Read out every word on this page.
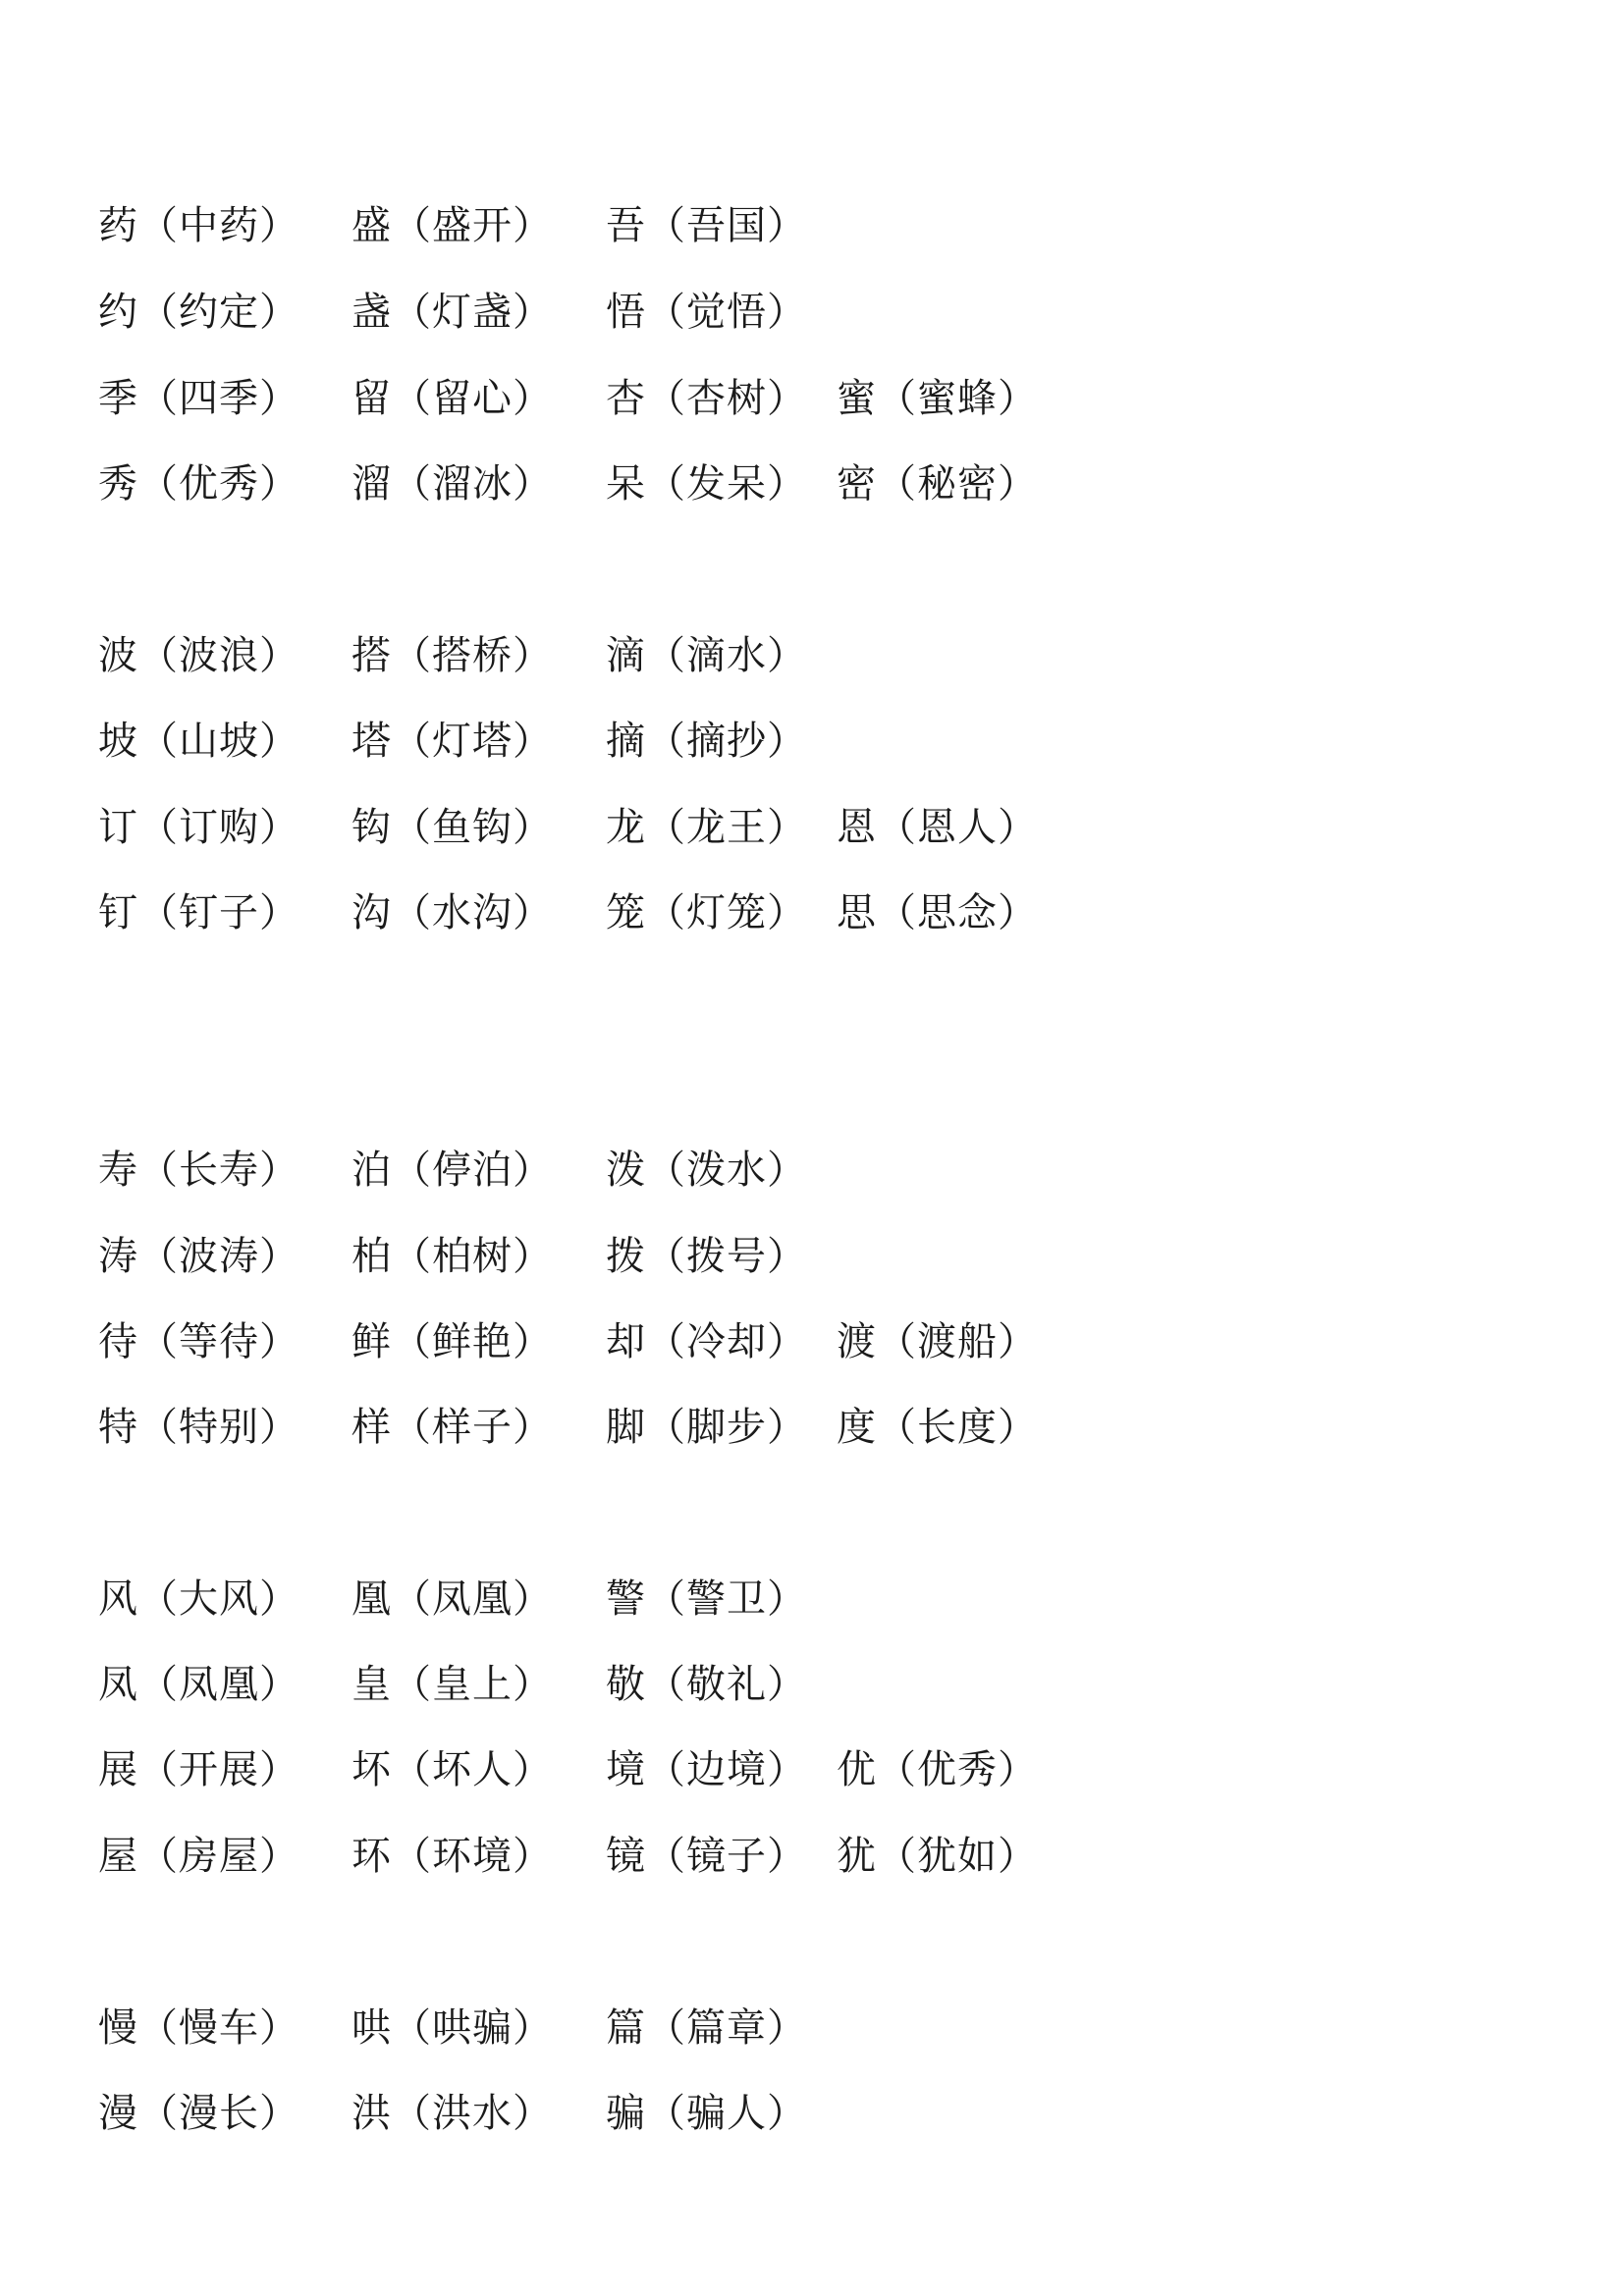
药（中药） 盛（盛开） 吾（吾国）
约（约定） 盏（灯盏） 悟（觉悟）
季（四季） 留（留心） 杏（杏树） 蜜（蜜蜂）
秀（优秀） 溜（溜冰） 呆（发呆） 密（秘密）
波（波浪） 搭（搭桥） 滴（滴水）
坡（山坡） 塔（灯塔） 摘（摘抄）
订（订购） 钩（鱼钩） 龙（龙王） 恩（恩人）
钉（钉子） 沟（水沟） 笼（灯笼） 思（思念）
寿（长寿） 泊（停泊） 泼（泼水）
涛（波涛） 柏（柏树） 拨（拨号）
待（等待） 鲜（鲜艳） 却（冷却） 渡（渡船）
特（特别） 样（样子） 脚（脚步） 度（长度）
风（大风） 凰（凤凰） 警（警卫）
凤（凤凰） 皇（皇上） 敬（敬礼）
展（开展） 坏（坏人） 境（边境） 优（优秀）
屋（房屋） 环（环境） 镜（镜子） 犹（犹如）
慢（慢车） 哄（哄骗） 篇（篇章）
漫（漫长） 洪（洪水） 骗（骗人）
